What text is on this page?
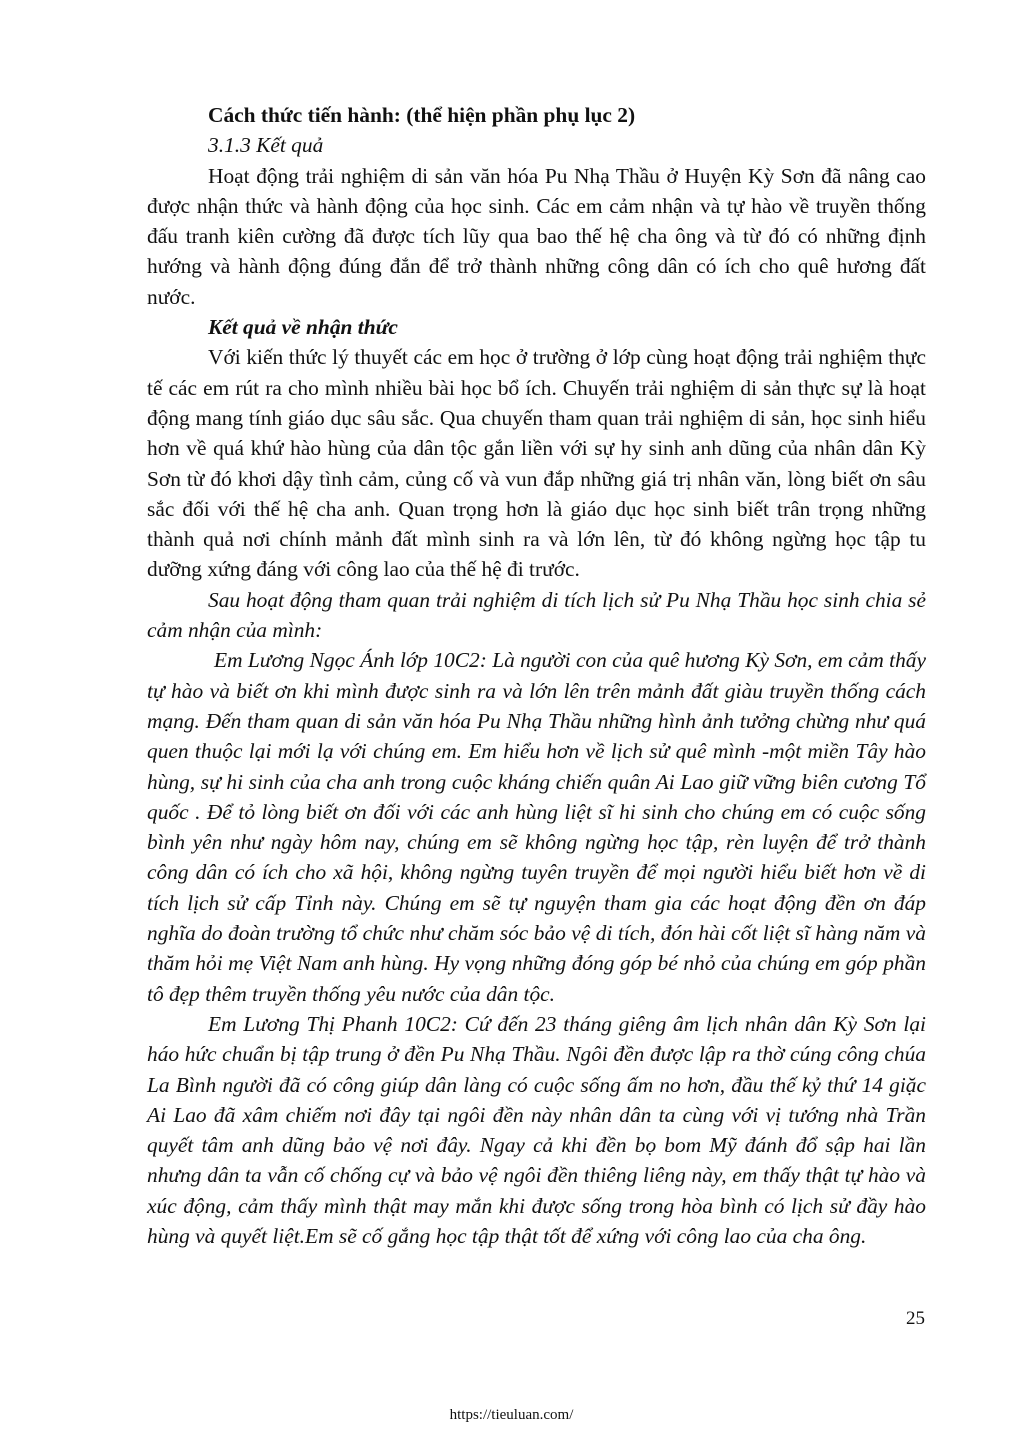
Cách thức tiến hành: (thể hiện phần phụ lục 2)

3.1.3 Kết quả

Hoạt động trải nghiệm di sản văn hóa Pu Nhạ Thầu ở Huyện Kỳ Sơn đã nâng cao được nhận thức và hành động của học sinh. Các em cảm nhận và tự hào về truyền thống đấu tranh kiên cường đã được tích lũy qua bao thế hệ cha ông và từ đó có những định hướng và hành động đúng đắn để trở thành những công dân có ích cho quê hương đất nước.

Kết quả về nhận thức

Với kiến thức lý thuyết các em học ở trường ở lớp cùng hoạt động trải nghiệm thực tế các em rút ra cho mình nhiều bài học bổ ích. Chuyến trải nghiệm di sản thực sự là hoạt động mang tính giáo dục sâu sắc. Qua chuyến tham quan trải nghiệm di sản, học sinh hiểu hơn về quá khứ hào hùng của dân tộc gắn liền với sự hy sinh anh dũng của nhân dân Kỳ Sơn từ đó khơi dậy tình cảm, củng cố và vun đắp những giá trị nhân văn, lòng biết ơn sâu sắc đối với thế hệ cha anh. Quan trọng hơn là giáo dục học sinh biết trân trọng những thành quả nơi chính mảnh đất mình sinh ra và lớn lên, từ đó không ngừng học tập tu dưỡng xứng đáng với công lao của thế hệ đi trước.

Sau hoạt động tham quan trải nghiệm di tích lịch sử Pu Nhạ Thầu học sinh chia sẻ cảm nhận của mình:

Em Lương Ngọc Ánh lớp 10C2: Là người con của quê hương Kỳ Sơn, em cảm thấy tự hào và biết ơn khi mình được sinh ra và lớn lên trên mảnh đất giàu truyền thống cách mạng. Đến tham quan di sản văn hóa Pu Nhạ Thầu những hình ảnh tưởng chừng như quá quen thuộc lại mới lạ với chúng em. Em hiểu hơn về lịch sử quê mình -một miền Tây hào hùng, sự hi sinh của cha anh trong cuộc kháng chiến quân Ai Lao giữ vững biên cương Tổ quốc . Để tỏ lòng biết ơn đối với các anh hùng liệt sĩ hi sinh cho chúng em có cuộc sống bình yên như ngày hôm nay, chúng em sẽ không ngừng học tập, rèn luyện để trở thành công dân có ích cho xã hội, không ngừng tuyên truyền để mọi người hiểu biết hơn về di tích lịch sử cấp Tỉnh này. Chúng em sẽ tự nguyện tham gia các hoạt động đền ơn đáp nghĩa do đoàn trường tổ chức như chăm sóc bảo vệ di tích, đón hài cốt liệt sĩ hàng năm và thăm hỏi mẹ Việt Nam anh hùng. Hy vọng những đóng góp bé nhỏ của chúng em góp phần tô đẹp thêm truyền thống yêu nước của dân tộc.

Em Lương Thị Phanh 10C2: Cứ đến 23 tháng giêng âm lịch nhân dân Kỳ Sơn lại háo hức chuẩn bị tập trung ở đền Pu Nhạ Thầu. Ngôi đền được lập ra thờ cúng công chúa La Bình người đã có công giúp dân làng có cuộc sống ấm no hơn, đầu thế kỷ thứ 14 giặc Ai Lao đã xâm chiếm nơi đây tại ngôi đền này nhân dân ta cùng với vị tướng nhà Trần quyết tâm anh dũng bảo vệ nơi đây. Ngay cả khi đền bọ bom Mỹ đánh đổ sập hai lần nhưng dân ta vẫn cố chống cự và bảo vệ ngôi đền thiêng liêng này, em thấy thật tự hào và xúc động, cảm thấy mình thật may mắn khi được sống trong hòa bình có lịch sử đầy hào hùng và quyết liệt.Em sẽ cố gắng học tập thật tốt để xứng với công lao của cha ông.

25
https://tieuluan.com/
